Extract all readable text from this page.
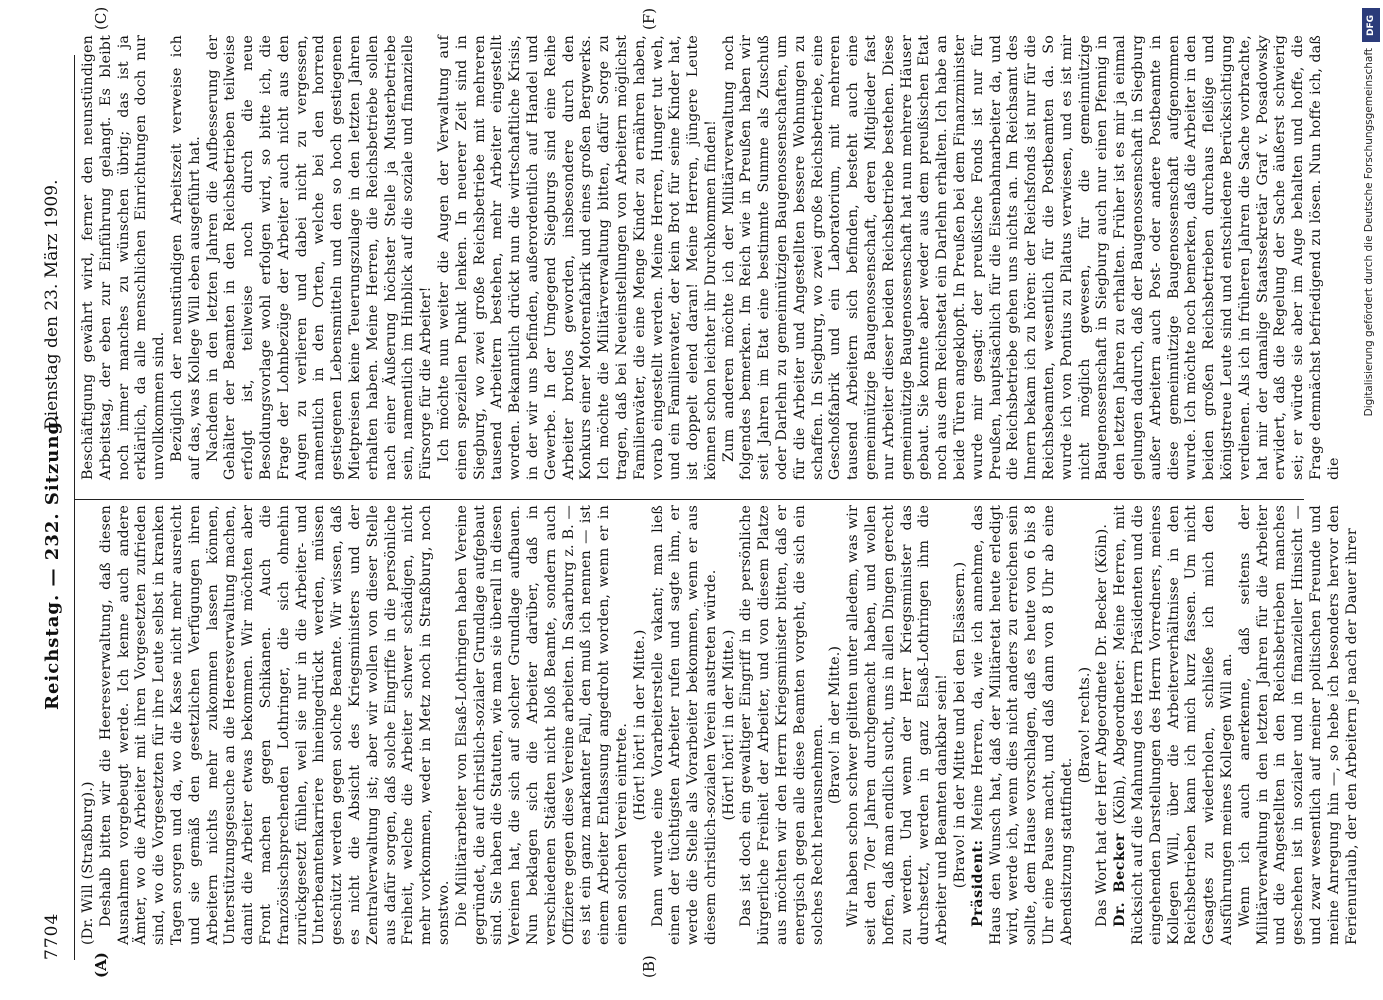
7704
Reichstag. — 232. Sitzung.
Dienstag den 23. März 1909.
(A)	(B)
(C)	(F)

(Dr. Will (Straßburg).) Deshalb bitten wir die Heeresverwaltung, daß diesen Ausnahmen vorgebeugt werde. Ich kenne auch andere Ämter, wo die Arbeiter mit ihren Vorgesetzten zufrieden sind, wo die Vorgesetzten für ihre Leute selbst in kranken Tagen sorgen und da, wo die Kasse nicht mehr ausreicht und sie gemäß den gesetzlichen Verfügungen ihren Arbeitern nichts mehr zukommen lassen können, Unterstützungsgesuche an die Heeresverwaltung machen, damit die Arbeiter etwas bekommen. Wir möchten aber Front machen gegen Schikanen. Auch die französischsprechenden Lothringer, die sich ohnehin zurückgesetzt fühlen, weil sie nur in die Arbeiter- und Unterbeamtenkarriere hineingedrückt werden, müssen geschützt werden gegen solche Beamte. Wir wissen, daß es nicht die Absicht des Kriegsministers und der Zentralverwaltung ist; aber wir wollen von dieser Stelle aus dafür sorgen, daß solche Eingriffe in die persönliche Freiheit, welche die Arbeiter schwer schädigen, nicht mehr vorkommen, weder in Metz noch in Straßburg, noch sonstwo. Die Militärarbeiter von Elsaß-Lothringen haben Vereine gegründet, die auf christlich-sozialer Grundlage aufgebaut sind. Sie haben die Statuten, wie man sie überall in diesen Vereinen hat, die sich auf solcher Grundlage aufbauen. Nun beklagen sich die Arbeiter darüber, daß in verschiedenen Städten nicht bloß Beamte, sondern auch Offiziere gegen diese Vereine arbeiten. In Saarburg z. B. — es ist ein ganz markanter Fall, den muß ich nennen — ist einem Arbeiter Entlassung angedroht worden, wenn er in einen solchen Verein eintrete. (Hört! hört! in der Mitte.) Dann wurde eine Vorarbeiterstelle vakant; man ließ einen der tüchtigsten Arbeiter rufen und sagte ihm, er werde die Stelle als Vorarbeiter bekommen, wenn er aus diesem christlich-sozialen Verein austreten würde. (Hört! hört! in der Mitte.) Das ist doch ein gewaltiger Eingriff in die persönliche bürgerliche Freiheit der Arbeiter, und von diesem Platze aus möchten wir den Herrn Kriegsminister bitten, daß er energisch gegen alle diese Beamten vorgeht, die sich ein solches Recht herausnehmen. (Bravo! in der Mitte.) Wir haben schon schwer gelitten unter alledem, was wir seit den 70er Jahren durchgemacht haben, und wollen hoffen, daß man endlich sucht, uns in allen Dingen gerecht zu werden. Und wenn der Herr Kriegsminister das durchsetzt, werden in ganz Elsaß-Lothringen ihm die Arbeiter und Beamten dankbar sein! (Bravo! in der Mitte und bei den Elsässern.) Präsident: Meine Herren, da, wie ich annehme, das Haus den Wunsch hat, daß der Militäretat heute erledigt wird, werde ich, wenn dies nicht anders zu erreichen sein sollte, dem Hause vorschlagen, daß es heute von 6 bis 8 Uhr eine Pause macht, und daß dann von 8 Uhr ab eine Abendsitzung stattfindet.

(Bravo! rechts.) Das Wort hat der Herr Abgeordnete Dr. Becker (Köln). Dr. Becker (Köln), Abgeordneter: Meine Herren, mit Rücksicht auf die Mahnung des Herrn Präsidenten und die eingehenden Darstellungen des Herrn Vorredners, meines Kollegen Will, über die Arbeiterverhältnisse in den Reichsbetrieben kann ich mich kurz fassen. Um nicht Gesagtes zu wiederholen, schließe ich mich den Ausführungen meines Kollegen Will an. Wenn ich auch anerkenne, daß seitens der Militärverwaltung in den letzten Jahren für die Arbeiter und die Angestellten in den Reichsbetrieben manches geschehen ist in sozialer und in finanzieller Hinsicht — und zwar wesentlich auf meiner politischen Freunde und meine Anregung hin —, so hebe ich besonders hervor den Ferienurlaub, der den Arbeitern je nach der Dauer ihrer

Beschäftigung gewährt wird, ferner den neunstündigen Arbeitstag, der eben zur Einführung gelangt. Es bleibt noch immer manches zu wünschen übrig; das ist ja erklärlich, da alle menschlichen Einrichtungen doch nur unvollkommen sind. Bezüglich der neunstündigen Arbeitszeit verweise ich auf das, was Kollege Will eben ausgeführt hat. Nachdem in den letzten Jahren die Aufbesserung der Gehälter der Beamten in den Reichsbetrieben teilweise erfolgt ist, teilweise noch durch die neue Besoldungsvorlage wohl erfolgen wird, so bitte ich, die Frage der Lohnbezüge der Arbeiter auch nicht aus den Augen zu verlieren und dabei nicht zu vergessen, namentlich in den Orten, welche bei den horrend gestiegenen Lebensmitteln und den so hoch gestiegenen Mietpreisen keine Teuerungszulage in den letzten Jahren erhalten haben. Meine Herren, die Reichsbetriebe sollen nach einer Äußerung höchster Stelle ja Musterbetriebe sein, namentlich im Hinblick auf die soziale und finanzielle Fürsorge für die Arbeiter! Ich möchte nun weiter die Augen der Verwaltung auf einen speziellen Punkt lenken. In neuerer Zeit sind in Siegburg, wo zwei große Reichsbetriebe mit mehreren tausend Arbeitern bestehen, mehr Arbeiter eingestellt worden. Bekanntlich drückt nun die wirtschaftliche Krisis, in der wir uns befinden, außerordentlich auf Handel und Gewerbe. In der Umgegend Siegburgs sind eine Reihe Arbeiter brotlos geworden, insbesondere durch den Konkurs einer Motorenfabrik und eines großen Bergwerks. Ich möchte die Militärverwaltung bitten, dafür Sorge zu tragen, daß bei Neueinstellungen von Arbeitern möglichst Familienväter, die eine Menge Kinder zu ernähren haben, vorab eingestellt werden. Meine Herren, Hunger tut weh, und ein Familienvater, der kein Brot für seine Kinder hat, ist doppelt elend daran! Meine Herren, jüngere Leute können schon leichter ihr Durchkommen finden! Zum anderen möchte ich der Militärverwaltung noch folgendes bemerken. Im Reich wie in Preußen haben wir seit Jahren im Etat eine bestimmte Summe als Zuschuß oder Darlehn zu gemeinnützigen Baugenossenschaften, um für die Arbeiter und Angestellten bessere Wohnungen zu schaffen. In Siegburg, wo zwei große Reichsbetriebe, eine Geschoßfabrik und ein Laboratorium, mit mehreren tausend Arbeitern sich befinden, besteht auch eine gemeinnützige Baugenossenschaft, deren Mitglieder fast nur Arbeiter dieser beiden Reichsbetriebe bestehen. Diese gemeinnützige Baugenossenschaft hat nun mehrere Häuser gebaut. Sie konnte aber weder aus dem preußischen Etat noch aus dem Reichsetat ein Darlehn erhalten. Ich habe an beide Türen angeklopft. In Preußen bei dem Finanzminister wurde mir gesagt: der preußische Fonds ist nur für Preußen, hauptsächlich für die Eisenbahnarbeiter da, und die Reichsbetriebe gehen uns nichts an. Im Reichsamt des Innern bekam ich zu hören: der Reichsfonds ist nur für die Reichsbeamten, wesentlich für die Postbeamten da. So wurde ich von Pontius zu Pilatus verwiesen, und es ist mir nicht möglich gewesen, für die gemeinnützige Baugenossenschaft in Siegburg auch nur einen Pfennig in den letzten Jahren zu erhalten. Früher ist es mir ja einmal gelungen dadurch, daß der Baugenossenschaft in Siegburg außer Arbeitern auch Post- oder andere Postbeamte in diese gemeinnützige Baugenossenschaft aufgenommen wurde. Ich möchte noch bemerken, daß die Arbeiter in den beiden großen Reichsbetrieben durchaus fleißige und königstreue Leute sind und entschiedene Berücksichtigung verdienen. Als ich in früheren Jahren die Sache vorbrachte, hat mir der damalige Staatssekretär Graf v. Posadowsky erwidert, daß die Regelung der Sache äußerst schwierig sei; er würde sie aber im Auge behalten und hoffe, die Frage demnächst befriedigend zu lösen. Nun hoffe ich, daß die

DFG
Digitalisierung gefördert durch die Deutsche Forschungsgemeinschaft
